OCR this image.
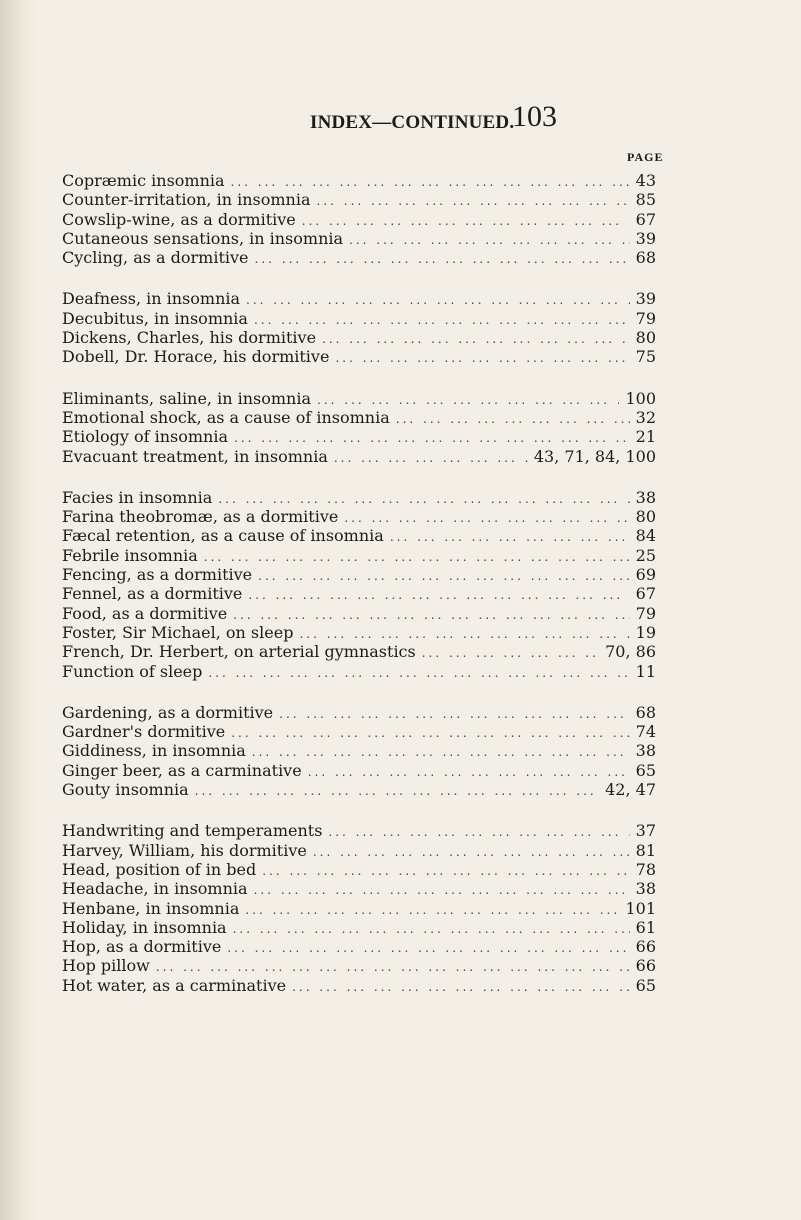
INDEX—CONTINUED.
103
PAGE
Copræmic insomnia ...	43
Counter-irritation, in insomnia ...	85
Cowslip-wine, as a dormitive ...	67
Cutaneous sensations, in insomnia ...	39
Cycling, as a dormitive ...	68
Deafness, in insomnia ...	39
Decubitus, in insomnia ...	79
Dickens, Charles, his dormitive ...	80
Dobell, Dr. Horace, his dormitive ...	75
Eliminants, saline, in insomnia ...	100
Emotional shock, as a cause of insomnia ...	32
Etiology of insomnia ...	21
Evacuant treatment, in insomnia ...	43, 71, 84, 100
Facies in insomnia ...	38
Farina theobromæ, as a dormitive ...	80
Fæcal retention, as a cause of insomnia ...	84
Febrile insomnia ...	25
Fencing, as a dormitive ...	69
Fennel, as a dormitive ...	67
Food, as a dormitive ...	79
Foster, Sir Michael, on sleep ...	19
French, Dr. Herbert, on arterial gymnastics ...	70, 86
Function of sleep ...	11
Gardening, as a dormitive ...	68
Gardner's dormitive ...	74
Giddiness, in insomnia ...	38
Ginger beer, as a carminative ...	65
Gouty insomnia ...	42, 47
Handwriting and temperaments ...	37
Harvey, William, his dormitive ...	81
Head, position of in bed ...	78
Headache, in insomnia ...	38
Henbane, in insomnia ...	101
Holiday, in insomnia ...	61
Hop, as a dormitive ...	66
Hop pillow ...	66
Hot water, as a carminative ...	65
